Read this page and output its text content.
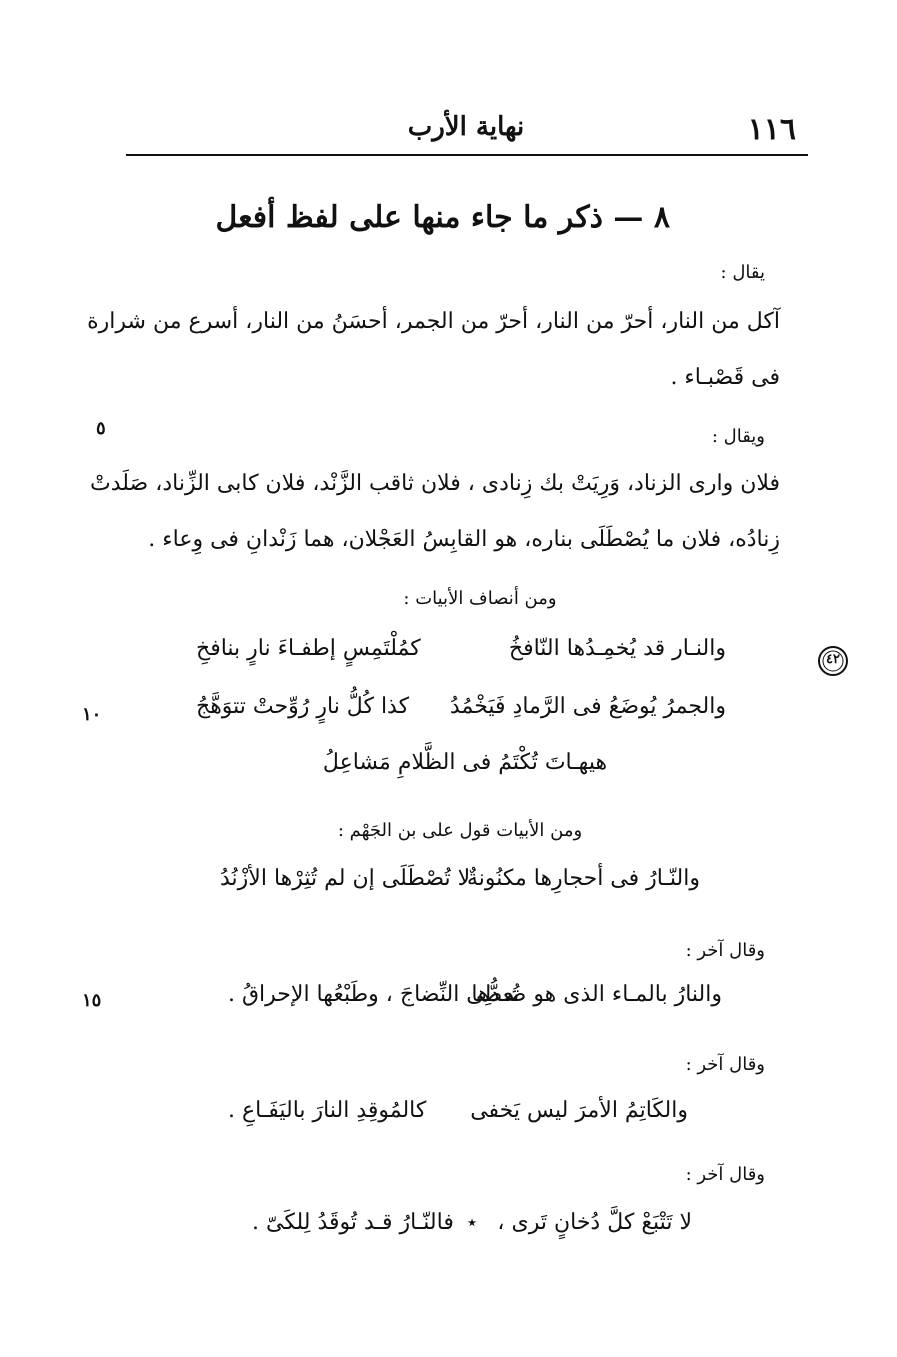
١١٦
نهاية الأرب
٨ — ذكر ما جاء منها على لفظ أفعل
يقال :
آكل من النار، أحرّ من النار، أحرّ من الجمر، أحسَنُ من النار، أسرع من شرارة
فى قَصْبـاء .
ويقال :
٥
فلان وارى الزناد، وَرِيَتْ بك زِنادى ، فلان ثاقب الزَّنْد، فلان كابى الزِّناد، صَلَدتْ
زِنادُه، فلان ما يُصْطَلَى بناره، هو القابِسُ العَجْلان، هما زَنْدانِ فى وِعاء .
ومن أنصاف الأبيات :
والنـار قد يُخمِـدُها النّافخُ
كمُلْتَمِسٍ إطفـاءَ نارٍ بنافخِ	٤٢
والجمرُ يُوضَعُ فى الرَّمادِ فَيَخْمُدُ
كذا كُلُّ نارٍ رُوِّحتْ تتوَهَّجُ
١٠
هيهـاتَ تُكْتَمُ فى الظَّلامِ مَشاعِلُ
ومن الأبيات قول على بن الجَهْم :
والنّـارُ فى أحجارِها مكنُونةٌ
لا تُصْطَلَى إن لم تُثِرْها الأزْنُدُ
وقال آخر :
والنارُ بالمـاء الذى هو ضـدُّها
تُعطِى النِّضاجَ ، وطَبْعُها الإحراقُ .
١٥
وقال آخر :
والكَاتِمُ الأمرَ ليس يَخفى
كالمُوقِدِ النارَ باليَفَـاعِ .
وقال آخر :
لا تَتْبَعْ كلَّ دُخانٍ تَرى ،
فالنّـارُ قـد تُوقَدُ لِلكَىّ . ٭
